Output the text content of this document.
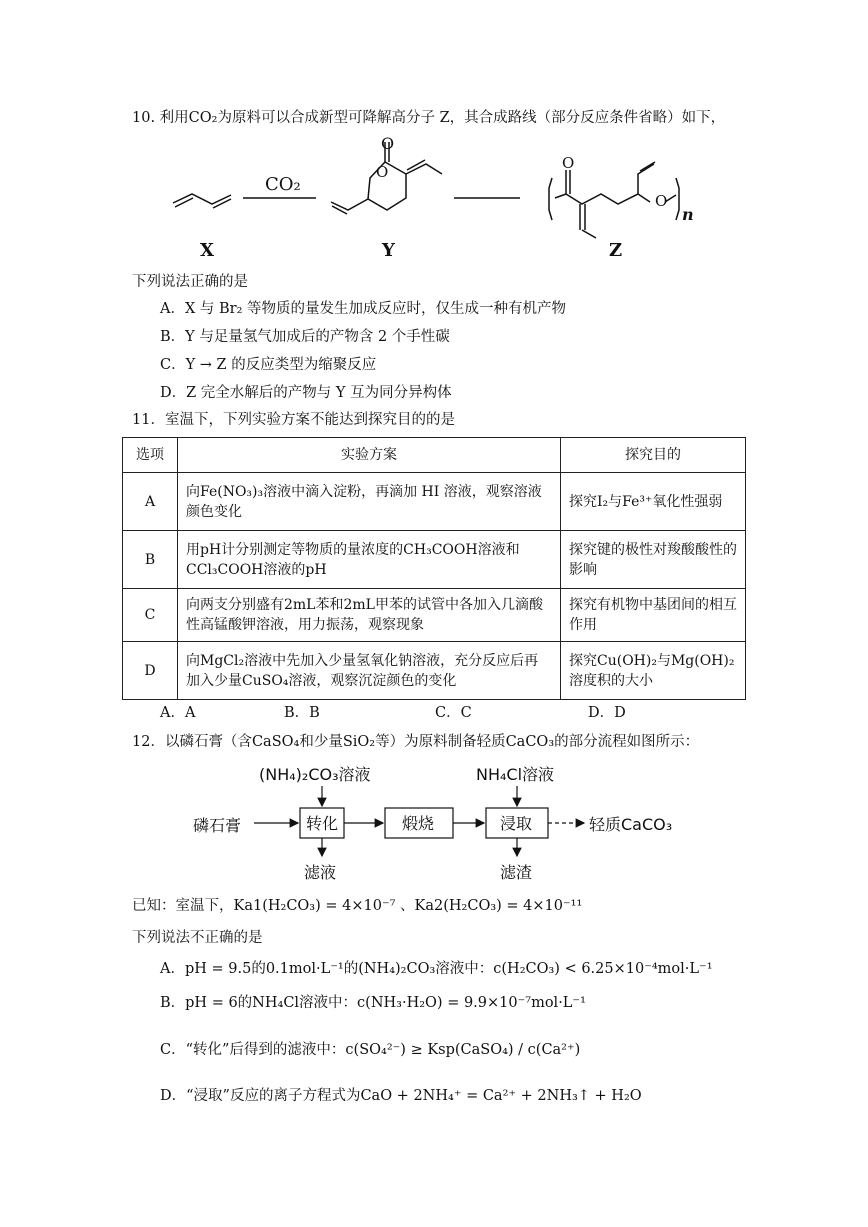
10. 利用CO₂为原料可以合成新型可降解高分子 Z，其合成路线（部分反应条件省略）如下，
CO₂
O
O
O
n
X	Y	Z
O
下列说法正确的是
A．X 与 Br₂ 等物质的量发生加成反应时，仅生成一种有机产物
B．Y 与足量氢气加成后的产物含 2 个手性碳
C．Y → Z 的反应类型为缩聚反应
D．Z 完全水解后的产物与 Y 互为同分异构体
11．室温下，下列实验方案不能达到探究目的的是
选项	实验方案	探究目的
A	向Fe(NO₃)₃溶液中滴入淀粉，再滴加 HI 溶液，观察溶液颜色变化	探究I₂与Fe³⁺氧化性强弱
B	用pH计分别测定等物质的量浓度的CH₃COOH溶液和CCl₃COOH溶液的pH	探究键的极性对羧酸酸性的影响
C	向两支分别盛有2mL苯和2mL甲苯的试管中各加入几滴酸性高锰酸钾溶液，用力振荡，观察现象	探究有机物中基团间的相互作用
D	向MgCl₂溶液中先加入少量氢氧化钠溶液，充分反应后再加入少量CuSO₄溶液，观察沉淀颜色的变化	探究Cu(OH)₂与Mg(OH)₂溶度积的大小
A．A	B．B	C．C	D．D
12．以磷石膏（含CaSO₄和少量SiO₂等）为原料制备轻质CaCO₃的部分流程如图所示：
(NH₄)₂CO₃溶液	NH₄Cl溶液
磷石膏	转化	煅烧	浸取	轻质CaCO₃
滤液	滤渣
已知：室温下，Ka1(H₂CO₃) = 4×10⁻⁷ 、Ka2(H₂CO₃) = 4×10⁻¹¹
下列说法不正确的是
A．pH = 9.5的0.1mol·L⁻¹的(NH₄)₂CO₃溶液中：c(H₂CO₃) < 6.25×10⁻⁴mol·L⁻¹
B．pH = 6的NH₄Cl溶液中：c(NH₃·H₂O) = 9.9×10⁻⁷mol·L⁻¹
C．“转化”后得到的滤液中：c(SO₄²⁻) ≥ Ksp(CaSO₄) / c(Ca²⁺)
D．“浸取”反应的离子方程式为CaO + 2NH₄⁺ = Ca²⁺ + 2NH₃↑ + H₂O
